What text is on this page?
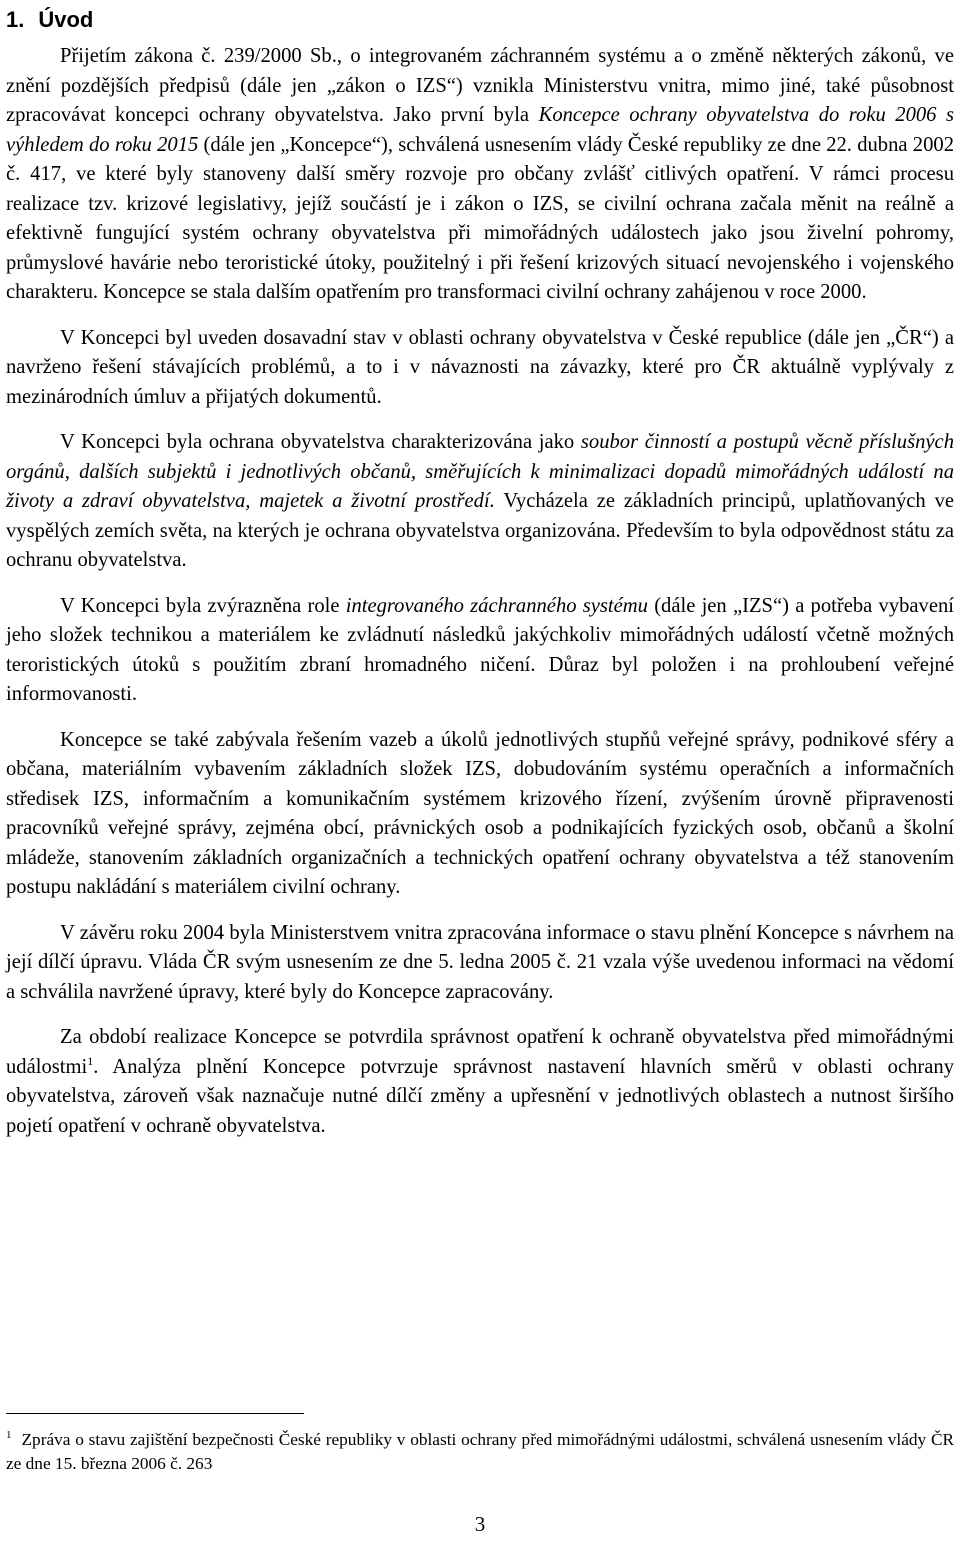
1. Úvod

Přijetím zákona č. 239/2000 Sb., o integrovaném záchranném systému a o změně některých zákonů, ve znění pozdějších předpisů (dále jen „zákon o IZS“) vznikla Ministerstvu vnitra, mimo jiné, také působnost zpracovávat koncepci ochrany obyvatelstva. Jako první byla Koncepce ochrany obyvatelstva do roku 2006 s výhledem do roku 2015 (dále jen „Koncepce“), schválená usnesením vlády České republiky ze dne 22. dubna 2002 č. 417, ve které byly stanoveny další směry rozvoje pro občany zvlášť citlivých opatření. V rámci procesu realizace tzv. krizové legislativy, jejíž součástí je i zákon o IZS, se civilní ochrana začala měnit na reálně a efektivně fungující systém ochrany obyvatelstva při mimořádných událostech jako jsou živelní pohromy, průmyslové havárie nebo teroristické útoky, použitelný i při řešení krizových situací nevojenského i vojenského charakteru. Koncepce se stala dalším opatřením pro transformaci civilní ochrany zahájenou v roce 2000.

V Koncepci byl uveden dosavadní stav v oblasti ochrany obyvatelstva v České republice (dále jen „ČR“) a navrženo řešení stávajících problémů, a to i v návaznosti na závazky, které pro ČR aktuálně vyplývaly z mezinárodních úmluv a přijatých dokumentů.

V Koncepci byla ochrana obyvatelstva charakterizována jako soubor činností a postupů věcně příslušných orgánů, dalších subjektů i jednotlivých občanů, směřujících k minimalizaci dopadů mimořádných událostí na životy a zdraví obyvatelstva, majetek a životní prostředí. Vycházela ze základních principů, uplatňovaných ve vyspělých zemích světa, na kterých je ochrana obyvatelstva organizována. Především to byla odpovědnost státu za ochranu obyvatelstva.

V Koncepci byla zvýrazněna role integrovaného záchranného systému (dále jen „IZS“) a potřeba vybavení jeho složek technikou a materiálem ke zvládnutí následků jakýchkoliv mimořádných událostí včetně možných teroristických útoků s použitím zbraní hromadného ničení. Důraz byl položen i na prohloubení veřejné informovanosti.

Koncepce se také zabývala řešením vazeb a úkolů jednotlivých stupňů veřejné správy, podnikové sféry a občana, materiálním vybavením základních složek IZS, dobudováním systému operačních a informačních středisek IZS, informačním a komunikačním systémem krizového řízení, zvýšením úrovně připravenosti pracovníků veřejné správy, zejména obcí, právnických osob a podnikajících fyzických osob, občanů a školní mládeže, stanovením základních organizačních a technických opatření ochrany obyvatelstva a též stanovením postupu nakládání s materiálem civilní ochrany.

V závěru roku 2004 byla Ministerstvem vnitra zpracována informace o stavu plnění Koncepce s návrhem na její dílčí úpravu. Vláda ČR svým usnesením ze dne 5. ledna 2005 č. 21 vzala výše uvedenou informaci na vědomí a schválila navržené úpravy, které byly do Koncepce zapracovány.

Za období realizace Koncepce se potvrdila správnost opatření k ochraně obyvatelstva před mimořádnými událostmi$^1$. Analýza plnění Koncepce potvrzuje správnost nastavení hlavních směrů v oblasti ochrany obyvatelstva, zároveň však naznačuje nutné dílčí změny a upřesnění v jednotlivých oblastech a nutnost širšího pojetí opatření v ochraně obyvatelstva.

$^1$ Zpráva o stavu zajištění bezpečnosti České republiky v oblasti ochrany před mimořádnými událostmi, schválená usnesením vlády ČR ze dne 15. března 2006 č. 263
3
